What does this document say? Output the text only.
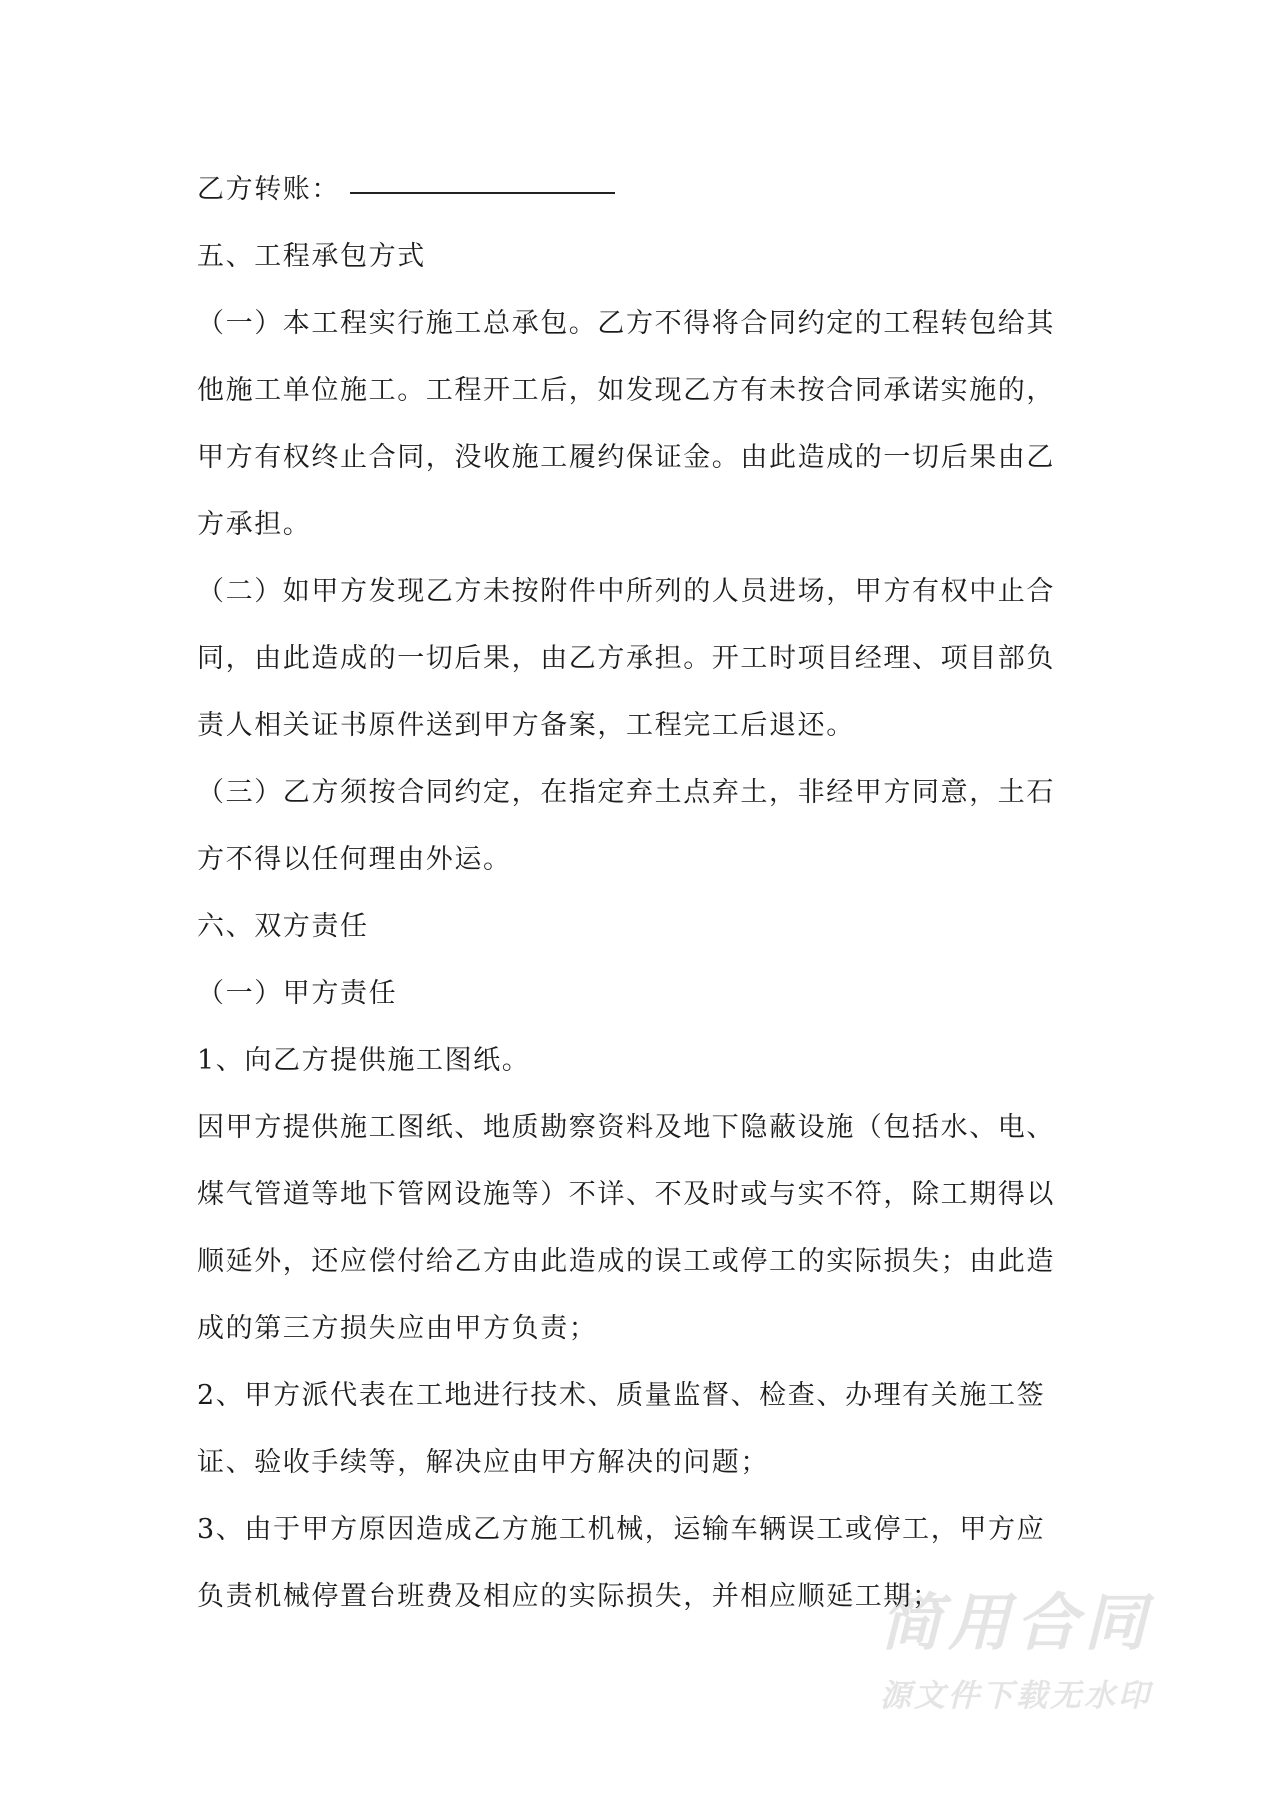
简用合同
源文件下载无水印
乙方转账：
五、工程承包方式
（一）本工程实行施工总承包。乙方不得将合同约定的工程转包给其
他施工单位施工。工程开工后，如发现乙方有未按合同承诺实施的，
甲方有权终止合同，没收施工履约保证金。由此造成的一切后果由乙
方承担。
（二）如甲方发现乙方未按附件中所列的人员进场，甲方有权中止合
同，由此造成的一切后果，由乙方承担。开工时项目经理、项目部负
责人相关证书原件送到甲方备案，工程完工后退还。
（三）乙方须按合同约定，在指定弃土点弃土，非经甲方同意，土石
方不得以任何理由外运。
六、双方责任
（一）甲方责任
1、向乙方提供施工图纸。
因甲方提供施工图纸、地质勘察资料及地下隐蔽设施（包括水、电、
煤气管道等地下管网设施等）不详、不及时或与实不符，除工期得以
顺延外，还应偿付给乙方由此造成的误工或停工的实际损失；由此造
成的第三方损失应由甲方负责；
2、甲方派代表在工地进行技术、质量监督、检查、办理有关施工签
证、验收手续等，解决应由甲方解决的问题；
3、由于甲方原因造成乙方施工机械，运输车辆误工或停工，甲方应
负责机械停置台班费及相应的实际损失，并相应顺延工期；
